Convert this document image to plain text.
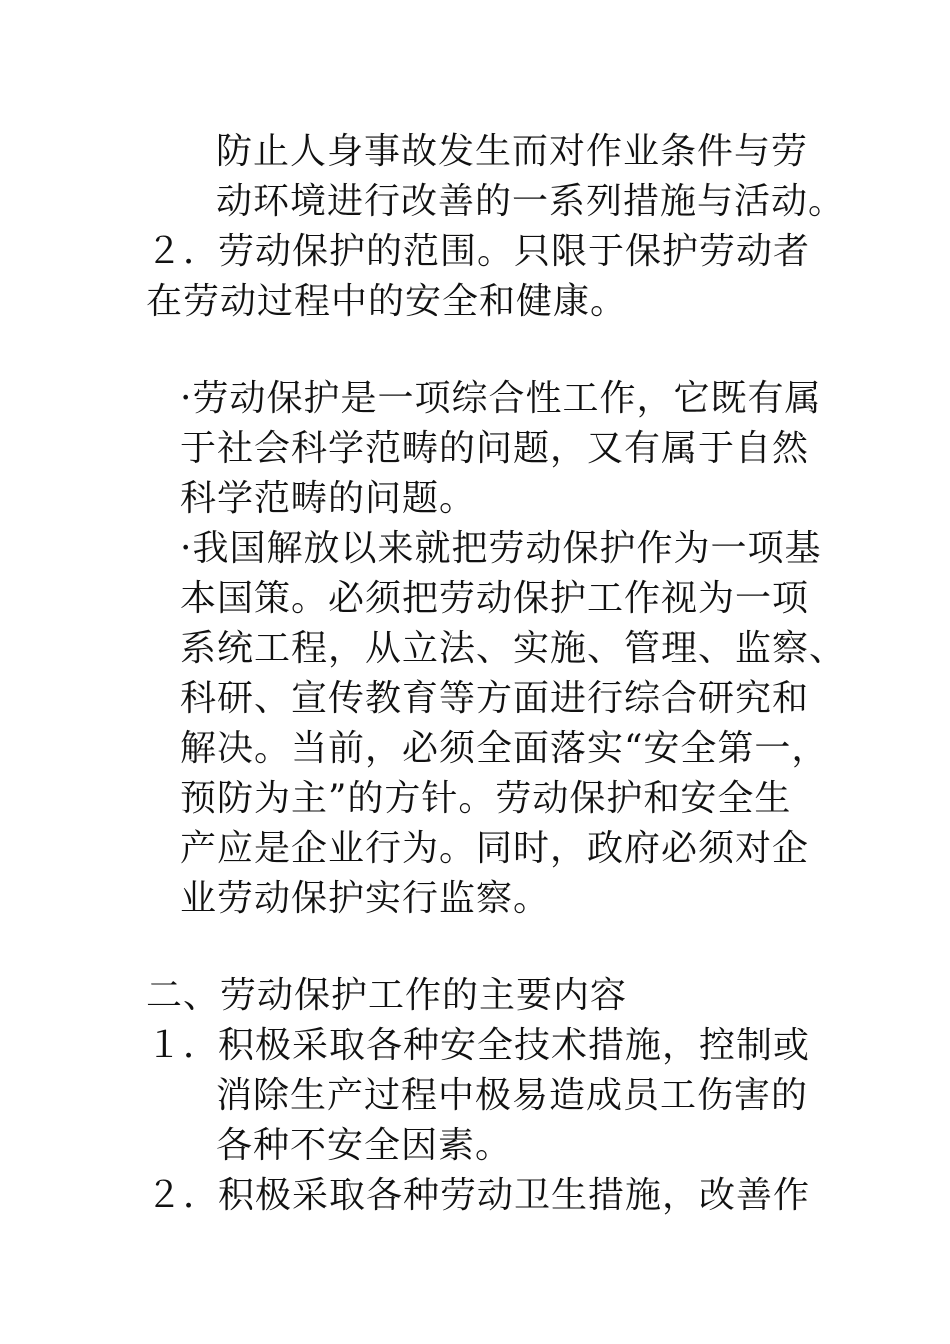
防止人身事故发生而对作业条件与劳
动环境进行改善的一系列措施与活动。
２．劳动保护的范围。只限于保护劳动者
在劳动过程中的安全和健康。
·劳动保护是一项综合性工作，它既有属
于社会科学范畴的问题，又有属于自然
科学范畴的问题。
·我国解放以来就把劳动保护作为一项基
本国策。必须把劳动保护工作视为一项
系统工程，从立法、实施、管理、监察、
科研、宣传教育等方面进行综合研究和
解决。当前，必须全面落实“安全第一，
预防为主”的方针。劳动保护和安全生
产应是企业行为。同时，政府必须对企
业劳动保护实行监察。
二、劳动保护工作的主要内容
１．积极采取各种安全技术措施，控制或
消除生产过程中极易造成员工伤害的
各种不安全因素。
２．积极采取各种劳动卫生措施，改善作
